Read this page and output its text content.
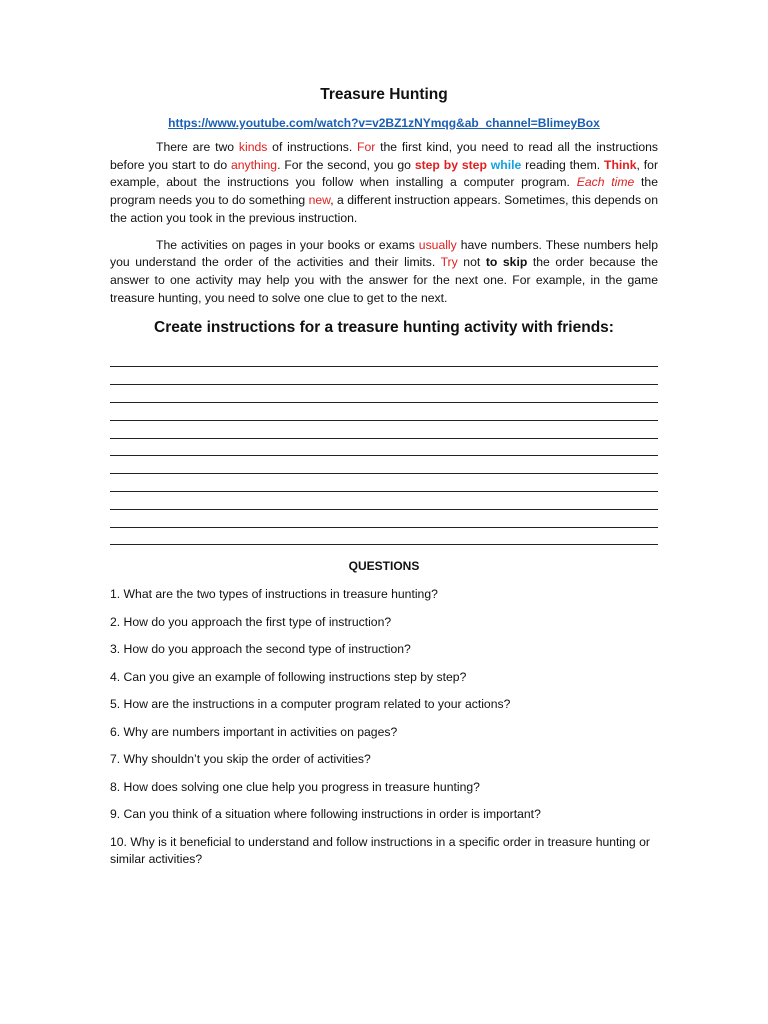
Treasure Hunting
https://www.youtube.com/watch?v=v2BZ1zNYmqg&ab_channel=BlimeyBox

There are two kinds of instructions. For the first kind, you need to read all the instructions before you start to do anything. For the second, you go step by step while reading them. Think, for example, about the instructions you follow when installing a computer program. Each time the program needs you to do something new, a different instruction appears. Sometimes, this depends on the action you took in the previous instruction.

The activities on pages in your books or exams usually have numbers. These numbers help you understand the order of the activities and their limits. Try not to skip the order because the answer to one activity may help you with the answer for the next one. For example, in the game treasure hunting, you need to solve one clue to get to the next.

Create instructions for a treasure hunting activity with friends:
QUESTIONS
1. What are the two types of instructions in treasure hunting?
2. How do you approach the first type of instruction?
3. How do you approach the second type of instruction?
4. Can you give an example of following instructions step by step?
5. How are the instructions in a computer program related to your actions?
6. Why are numbers important in activities on pages?
7. Why shouldn’t you skip the order of activities?
8. How does solving one clue help you progress in treasure hunting?
9. Can you think of a situation where following instructions in order is important?
10. Why is it beneficial to understand and follow instructions in a specific order in treasure hunting or similar activities?
